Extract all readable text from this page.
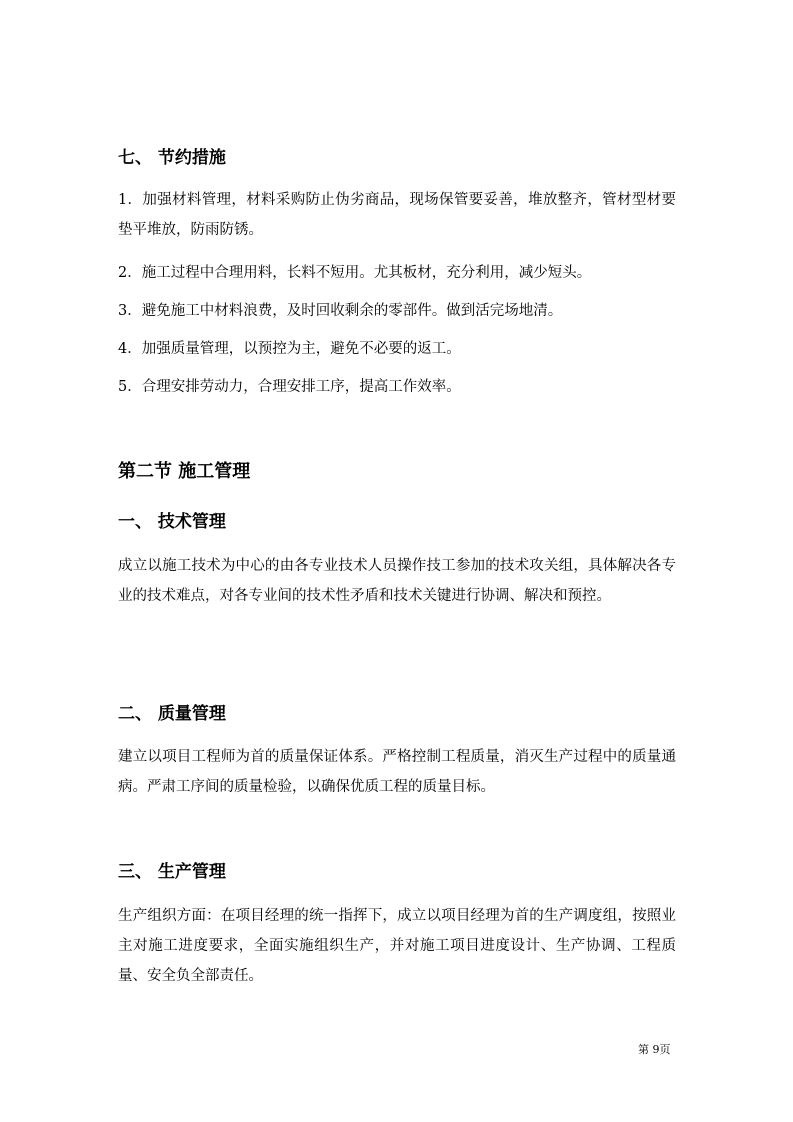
七、 节约措施

1．加强材料管理，材料采购防止伪劣商品，现场保管要妥善，堆放整齐，管材型材要垫平堆放，防雨防锈。

2．施工过程中合理用料，长料不短用。尤其板材，充分利用，减少短头。

3．避免施工中材料浪费，及时回收剩余的零部件。做到活完场地清。

4．加强质量管理，以预控为主，避免不必要的返工。

5．合理安排劳动力，合理安排工序，提高工作效率。

第二节 施工管理
一、 技术管理

成立以施工技术为中心的由各专业技术人员操作技工参加的技术攻关组，具体解决各专业的技术难点，对各专业间的技术性矛盾和技术关键进行协调、解决和预控。

二、 质量管理

建立以项目工程师为首的质量保证体系。严格控制工程质量，消灭生产过程中的质量通病。严肃工序间的质量检验，以确保优质工程的质量目标。

三、 生产管理

生产组织方面：在项目经理的统一指挥下，成立以项目经理为首的生产调度组，按照业主对施工进度要求，全面实施组织生产，并对施工项目进度设计、生产协调、工程质量、安全负全部责任。

第 9页
